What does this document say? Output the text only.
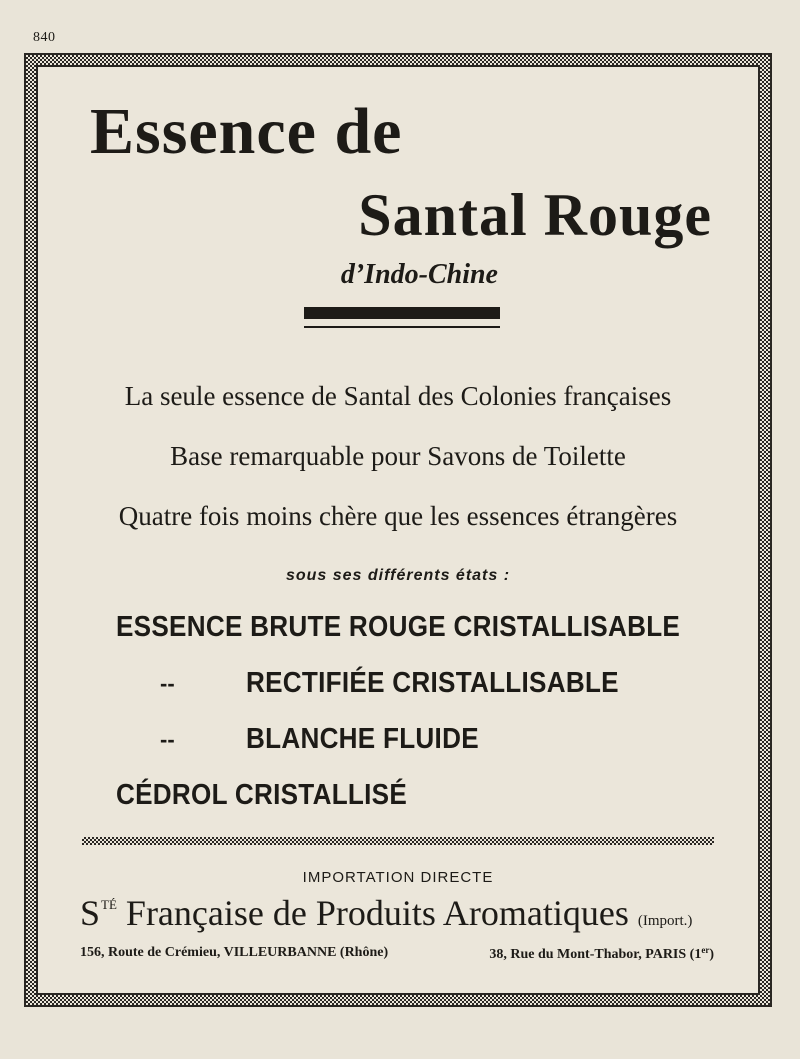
840
Essence de
Santal Rouge
d’Indo-Chine
La seule essence de Santal des Colonies françaises
Base remarquable pour Savons de Toilette
Quatre fois moins chère que les essences étrangères
sous ses différents états :
ESSENCE BRUTE ROUGE CRISTALLISABLE
-- RECTIFIÉE CRISTALLISABLE
-- BLANCHE FLUIDE
CÉDROL CRISTALLISÉ
IMPORTATION DIRECTE
$S^{TÉ}$ Française de Produits Aromatiques (Import.)
156, Route de Crémieu, VILLEURBANNE (Rhône)	38, Rue du Mont-Thabor, PARIS (1er)
